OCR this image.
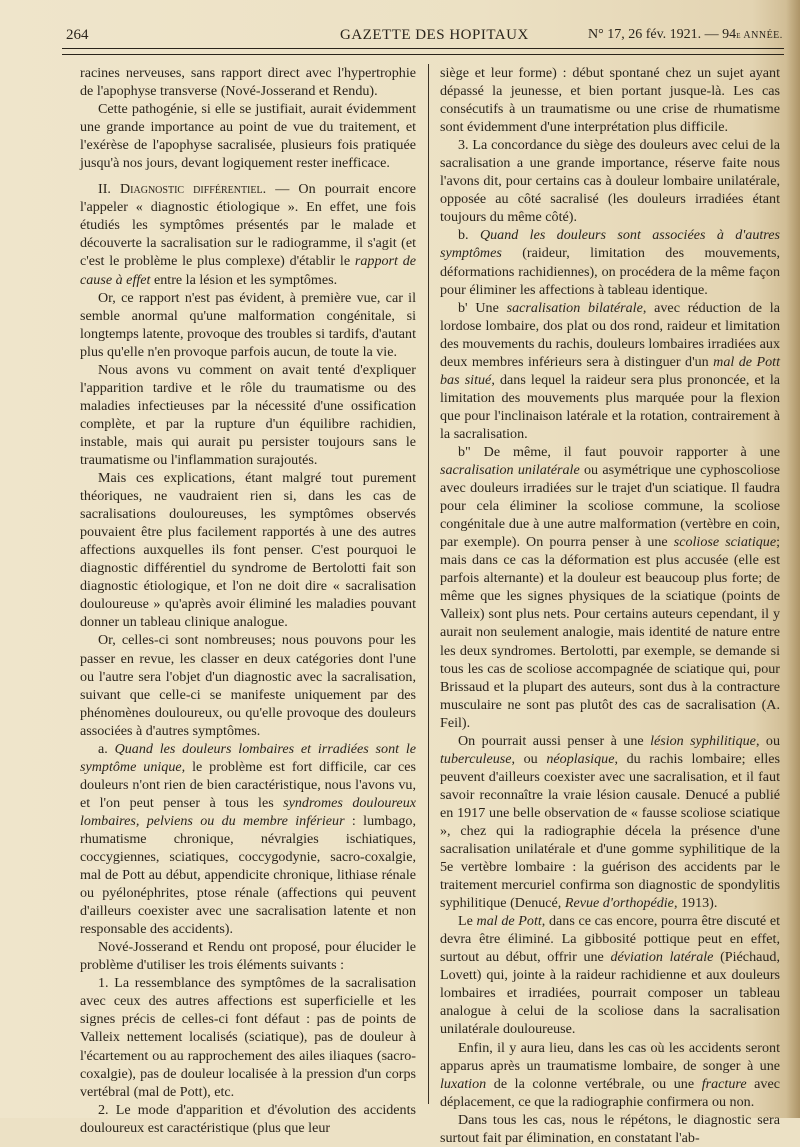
264	GAZETTE DES HOPITAUX	N° 17, 26 fév. 1921. — 94e ANNÉE.

racines nerveuses, sans rapport direct avec l'hypertrophie de l'apophyse transverse (Nové-Josserand et Rendu).

Cette pathogénie, si elle se justifiait, aurait évidemment une grande importance au point de vue du traitement, et l'exérèse de l'apophyse sacralisée, plusieurs fois pratiquée jusqu'à nos jours, devant logiquement rester inefficace.

II. Diagnostic différentiel. — On pourrait encore l'appeler « diagnostic étiologique ». En effet, une fois étudiés les symptômes présentés par le malade et découverte la sacralisation sur le radiogramme, il s'agit (et c'est le problème le plus complexe) d'établir le rapport de cause à effet entre la lésion et les symptômes.

Or, ce rapport n'est pas évident, à première vue, car il semble anormal qu'une malformation congénitale, si longtemps latente, provoque des troubles si tardifs, d'autant plus qu'elle n'en provoque parfois aucun, de toute la vie.

Nous avons vu comment on avait tenté d'expliquer l'apparition tardive et le rôle du traumatisme ou des maladies infectieuses par la nécessité d'une ossification complète, et par la rupture d'un équilibre rachidien, instable, mais qui aurait pu persister toujours sans le traumatisme ou l'inflammation surajoutés.

Mais ces explications, étant malgré tout purement théoriques, ne vaudraient rien si, dans les cas de sacralisations douloureuses, les symptômes observés pouvaient être plus facilement rapportés à une des autres affections auxquelles ils font penser. C'est pourquoi le diagnostic différentiel du syndrome de Bertolotti fait son diagnostic étiologique, et l'on ne doit dire « sacralisation douloureuse » qu'après avoir éliminé les maladies pouvant donner un tableau clinique analogue.

Or, celles-ci sont nombreuses; nous pouvons pour les passer en revue, les classer en deux catégories dont l'une ou l'autre sera l'objet d'un diagnostic avec la sacralisation, suivant que celle-ci se manifeste uniquement par des phénomènes douloureux, ou qu'elle provoque des douleurs associées à d'autres symptômes.

a. Quand les douleurs lombaires et irradiées sont le symptôme unique, le problème est fort difficile, car ces douleurs n'ont rien de bien caractéristique, nous l'avons vu, et l'on peut penser à tous les syndromes douloureux lombaires, pelviens ou du membre inférieur : lumbago, rhumatisme chronique, névralgies ischiatiques, coccygiennes, sciatiques, coccygodynie, sacro-coxalgie, mal de Pott au début, appendicite chronique, lithiase rénale ou pyélonéphrites, ptose rénale (affections qui peuvent d'ailleurs coexister avec une sacralisation latente et non responsable des accidents).

Nové-Josserand et Rendu ont proposé, pour élucider le problème d'utiliser les trois éléments suivants :

1. La ressemblance des symptômes de la sacralisation avec ceux des autres affections est superficielle et les signes précis de celles-ci font défaut : pas de points de Valleix nettement localisés (sciatique), pas de douleur à l'écartement ou au rapprochement des ailes iliaques (sacro-coxalgie), pas de douleur localisée à la pression d'un corps vertébral (mal de Pott), etc.

2. Le mode d'apparition et d'évolution des accidents douloureux est caractéristique (plus que leur

siège et leur forme) : début spontané chez un sujet ayant dépassé la jeunesse, et bien portant jusque-là. Les cas consécutifs à un traumatisme ou une crise de rhumatisme sont évidemment d'une interprétation plus difficile.

3. La concordance du siège des douleurs avec celui de la sacralisation a une grande importance, réserve faite nous l'avons dit, pour certains cas à douleur lombaire unilatérale, opposée au côté sacralisé (les douleurs irradiées étant toujours du même côté).

b. Quand les douleurs sont associées à d'autres symptômes (raideur, limitation des mouvements, déformations rachidiennes), on procédera de la même façon pour éliminer les affections à tableau identique.

b' Une sacralisation bilatérale, avec réduction de la lordose lombaire, dos plat ou dos rond, raideur et limitation des mouvements du rachis, douleurs lombaires irradiées aux deux membres inférieurs sera à distinguer d'un mal de Pott bas situé, dans lequel la raideur sera plus prononcée, et la limitation des mouvements plus marquée pour la flexion que pour l'inclinaison latérale et la rotation, contrairement à la sacralisation.

b" De même, il faut pouvoir rapporter à une sacralisation unilatérale ou asymétrique une cyphoscoliose avec douleurs irradiées sur le trajet d'un sciatique. Il faudra pour cela éliminer la scoliose commune, la scoliose congénitale due à une autre malformation (vertèbre en coin, par exemple). On pourra penser à une scoliose sciatique; mais dans ce cas la déformation est plus accusée (elle est parfois alternante) et la douleur est beaucoup plus forte; de même que les signes physiques de la sciatique (points de Valleix) sont plus nets. Pour certains auteurs cependant, il y aurait non seulement analogie, mais identité de nature entre les deux syndromes. Bertolotti, par exemple, se demande si tous les cas de scoliose accompagnée de sciatique qui, pour Brissaud et la plupart des auteurs, sont dus à la contracture musculaire ne sont pas plutôt des cas de sacralisation (A. Feil).

On pourrait aussi penser à une lésion syphilitique, ou tuberculeuse, ou néoplasique, du rachis lombaire; elles peuvent d'ailleurs coexister avec une sacralisation, et il faut savoir reconnaître la vraie lésion causale. Denucé a publié en 1917 une belle observation de « fausse scoliose sciatique », chez qui la radiographie décela la présence d'une sacralisation unilatérale et d'une gomme syphilitique de la 5e vertèbre lombaire : la guérison des accidents par le traitement mercuriel confirma son diagnostic de spondylitis syphilitique (Denucé, Revue d'orthopédie, 1913).

Le mal de Pott, dans ce cas encore, pourra être discuté et devra être éliminé. La gibbosité pottique peut en effet, surtout au début, offrir une déviation latérale (Piéchaud, Lovett) qui, jointe à la raideur rachidienne et aux douleurs lombaires et irradiées, pourrait composer un tableau analogue à celui de la scoliose dans la sacralisation unilatérale douloureuse.

Enfin, il y aura lieu, dans les cas où les accidents seront apparus après un traumatisme lombaire, de songer à une luxation de la colonne vertébrale, ou une fracture avec déplacement, ce que la radiographie confirmera ou non.

Dans tous les cas, nous le répétons, le diagnostic sera surtout fait par élimination, en constatant l'ab-
